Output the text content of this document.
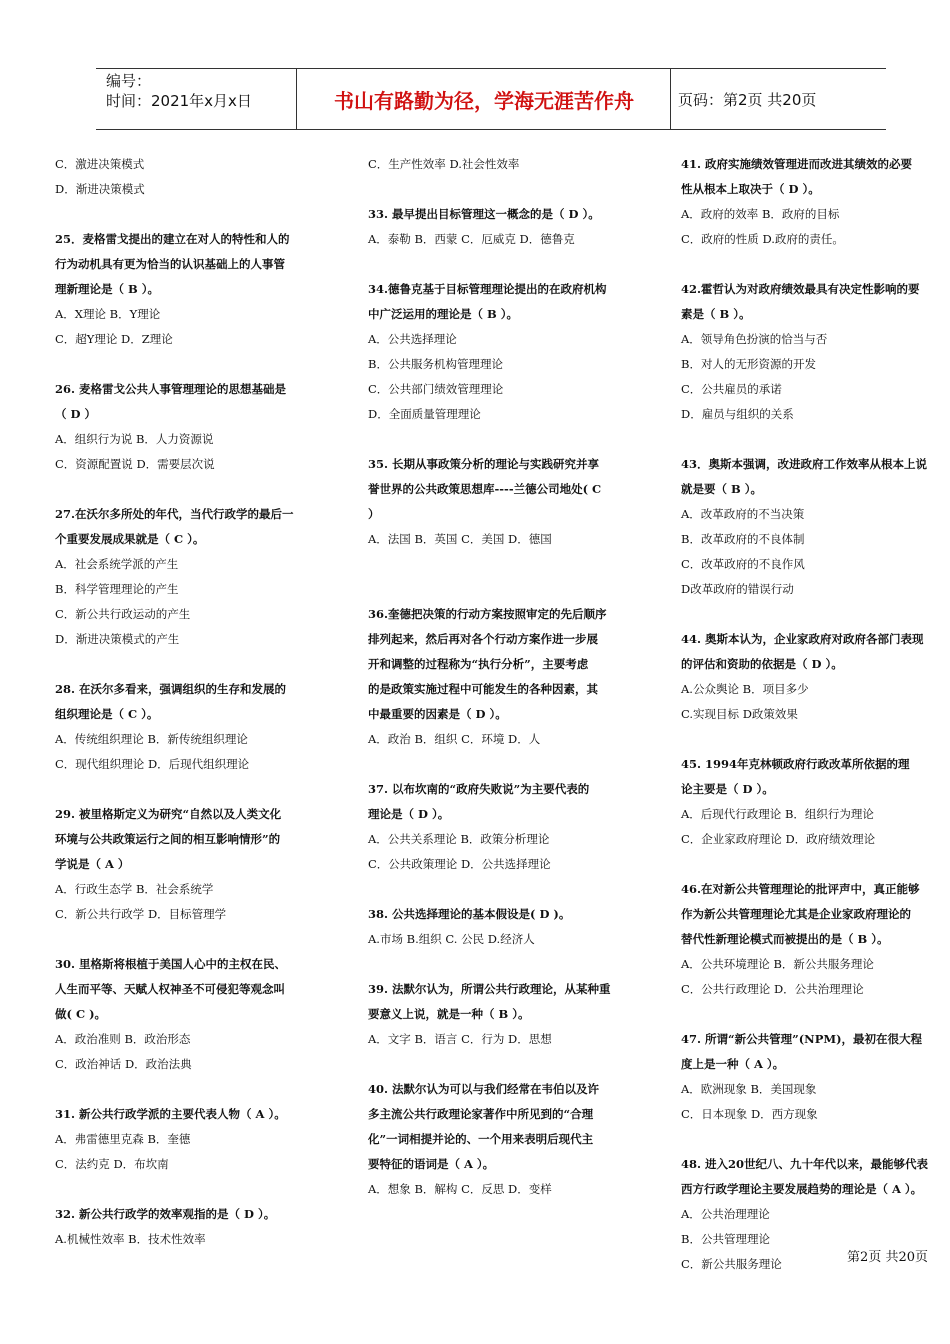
编号：
时间：2021年x月x日	书山有路勤为径，学海无涯苦作舟	页码：第2页 共20页
C．激进决策模式
D．渐进决策模式
25．麦格雷戈提出的建立在对人的特性和人的
行为动机具有更为恰当的认识基础上的人事管
理新理论是（ B ）。
A．X理论 B．Y理论
C．超Y理论 D．Z理论
26. 麦格雷戈公共人事管理理论的思想基础是
（ D ）
A．组织行为说 B．人力资源说
C．资源配置说 D．需要层次说
27.在沃尔多所处的年代，当代行政学的最后一
个重要发展成果就是（ C ）。
A．社会系统学派的产生
B．科学管理理论的产生
C．新公共行政运动的产生
D．渐进决策模式的产生
28. 在沃尔多看来，强调组织的生存和发展的
组织理论是（ C ）。
A．传统组织理论 B．新传统组织理论
C．现代组织理论 D．后现代组织理论
29. 被里格斯定义为研究“自然以及人类文化
环境与公共政策运行之间的相互影响情形”的
学说是（ A ）
A．行政生态学 B．社会系统学
C．新公共行政学 D．目标管理学
30. 里格斯将根植于美国人心中的主权在民、
人生而平等、天赋人权神圣不可侵犯等观念叫
做( C )。
A．政治准则 B．政治形态
C．政治神话 D．政治法典
31. 新公共行政学派的主要代表人物（ A ）。
A．弗雷德里克森 B．奎德
C．法约克 D．布坎南
32. 新公共行政学的效率观指的是（ D ）。
A.机械性效率 B．技术性效率
C．生产性效率 D.社会性效率
33. 最早提出目标管理这一概念的是（ D ）。
A．泰勒 B．西蒙 C．厄威克 D．德鲁克
34.德鲁克基于目标管理理论提出的在政府机构
中广泛运用的理论是（ B ）。
A．公共选择理论
B．公共服务机构管理理论
C．公共部门绩效管理理论
D．全面质量管理理论
35. 长期从事政策分析的理论与实践研究并享
誉世界的公共政策思想库----兰德公司地处( C
）
A．法国 B．英国 C．美国 D．德国

36.奎德把决策的行动方案按照审定的先后顺序
排列起来，然后再对各个行动方案作进一步展
开和调整的过程称为“执行分析”，主要考虑
的是政策实施过程中可能发生的各种因素，其
中最重要的因素是（ D ）。
A．政治 B．组织 C．环境 D．人
37. 以布坎南的“政府失败说”为主要代表的
理论是（ D ）。
A．公共关系理论 B．政策分析理论
C．公共政策理论 D．公共选择理论
38. 公共选择理论的基本假设是( D )。
A.市场 B.组织 C. 公民 D.经济人
39. 法默尔认为，所谓公共行政理论，从某种重
要意义上说，就是一种（ B ）。
A．文字 B．语言 C．行为 D．思想
40. 法默尔认为可以与我们经常在韦伯以及许
多主流公共行政理论家著作中所见到的“合理
化”一词相提并论的、一个用来表明后现代主
要特征的语词是（ A ）。
A．想象 B．解构 C．反思 D．变样
41. 政府实施绩效管理进而改进其绩效的必要
性从根本上取决于（ D ）。
A．政府的效率 B．政府的目标
C．政府的性质 D.政府的责任。
42.霍哲认为对政府绩效最具有决定性影响的要
素是（ B ）。
A．领导角色扮演的恰当与否
B．对人的无形资源的开发
C．公共雇员的承诺
D．雇员与组织的关系
43．奥斯本强调，改进政府工作效率从根本上说
就是要（ B ）。
A．改革政府的不当决策
B．改革政府的不良体制
C．改革政府的不良作风
D改革政府的错误行动
44. 奥斯本认为，企业家政府对政府各部门表现
的评估和资助的依据是（ D ）。
A.公众舆论 B．项目多少
C.实现目标 D政策效果
45. 1994年克林顿政府行政改革所依据的理
论主要是（ D ）。
A．后现代行政理论 B．组织行为理论
C．企业家政府理论 D．政府绩效理论
46.在对新公共管理理论的批评声中，真正能够
作为新公共管理理论尤其是企业家政府理论的
替代性新理论模式而被提出的是（ B ）。
A．公共环境理论 B．新公共服务理论
C．公共行政理论 D．公共治理理论
47. 所谓“新公共管理”(NPM)，最初在很大程
度上是一种（ A ）。
A．欧洲现象 B．美国现象
C．日本现象 D．西方现象
48. 进入20世纪八、九十年代以来，最能够代表
西方行政学理论主要发展趋势的理论是（ A ）。
A．公共治理理论
B．公共管理理论
C．新公共服务理论	第2页 共20页
